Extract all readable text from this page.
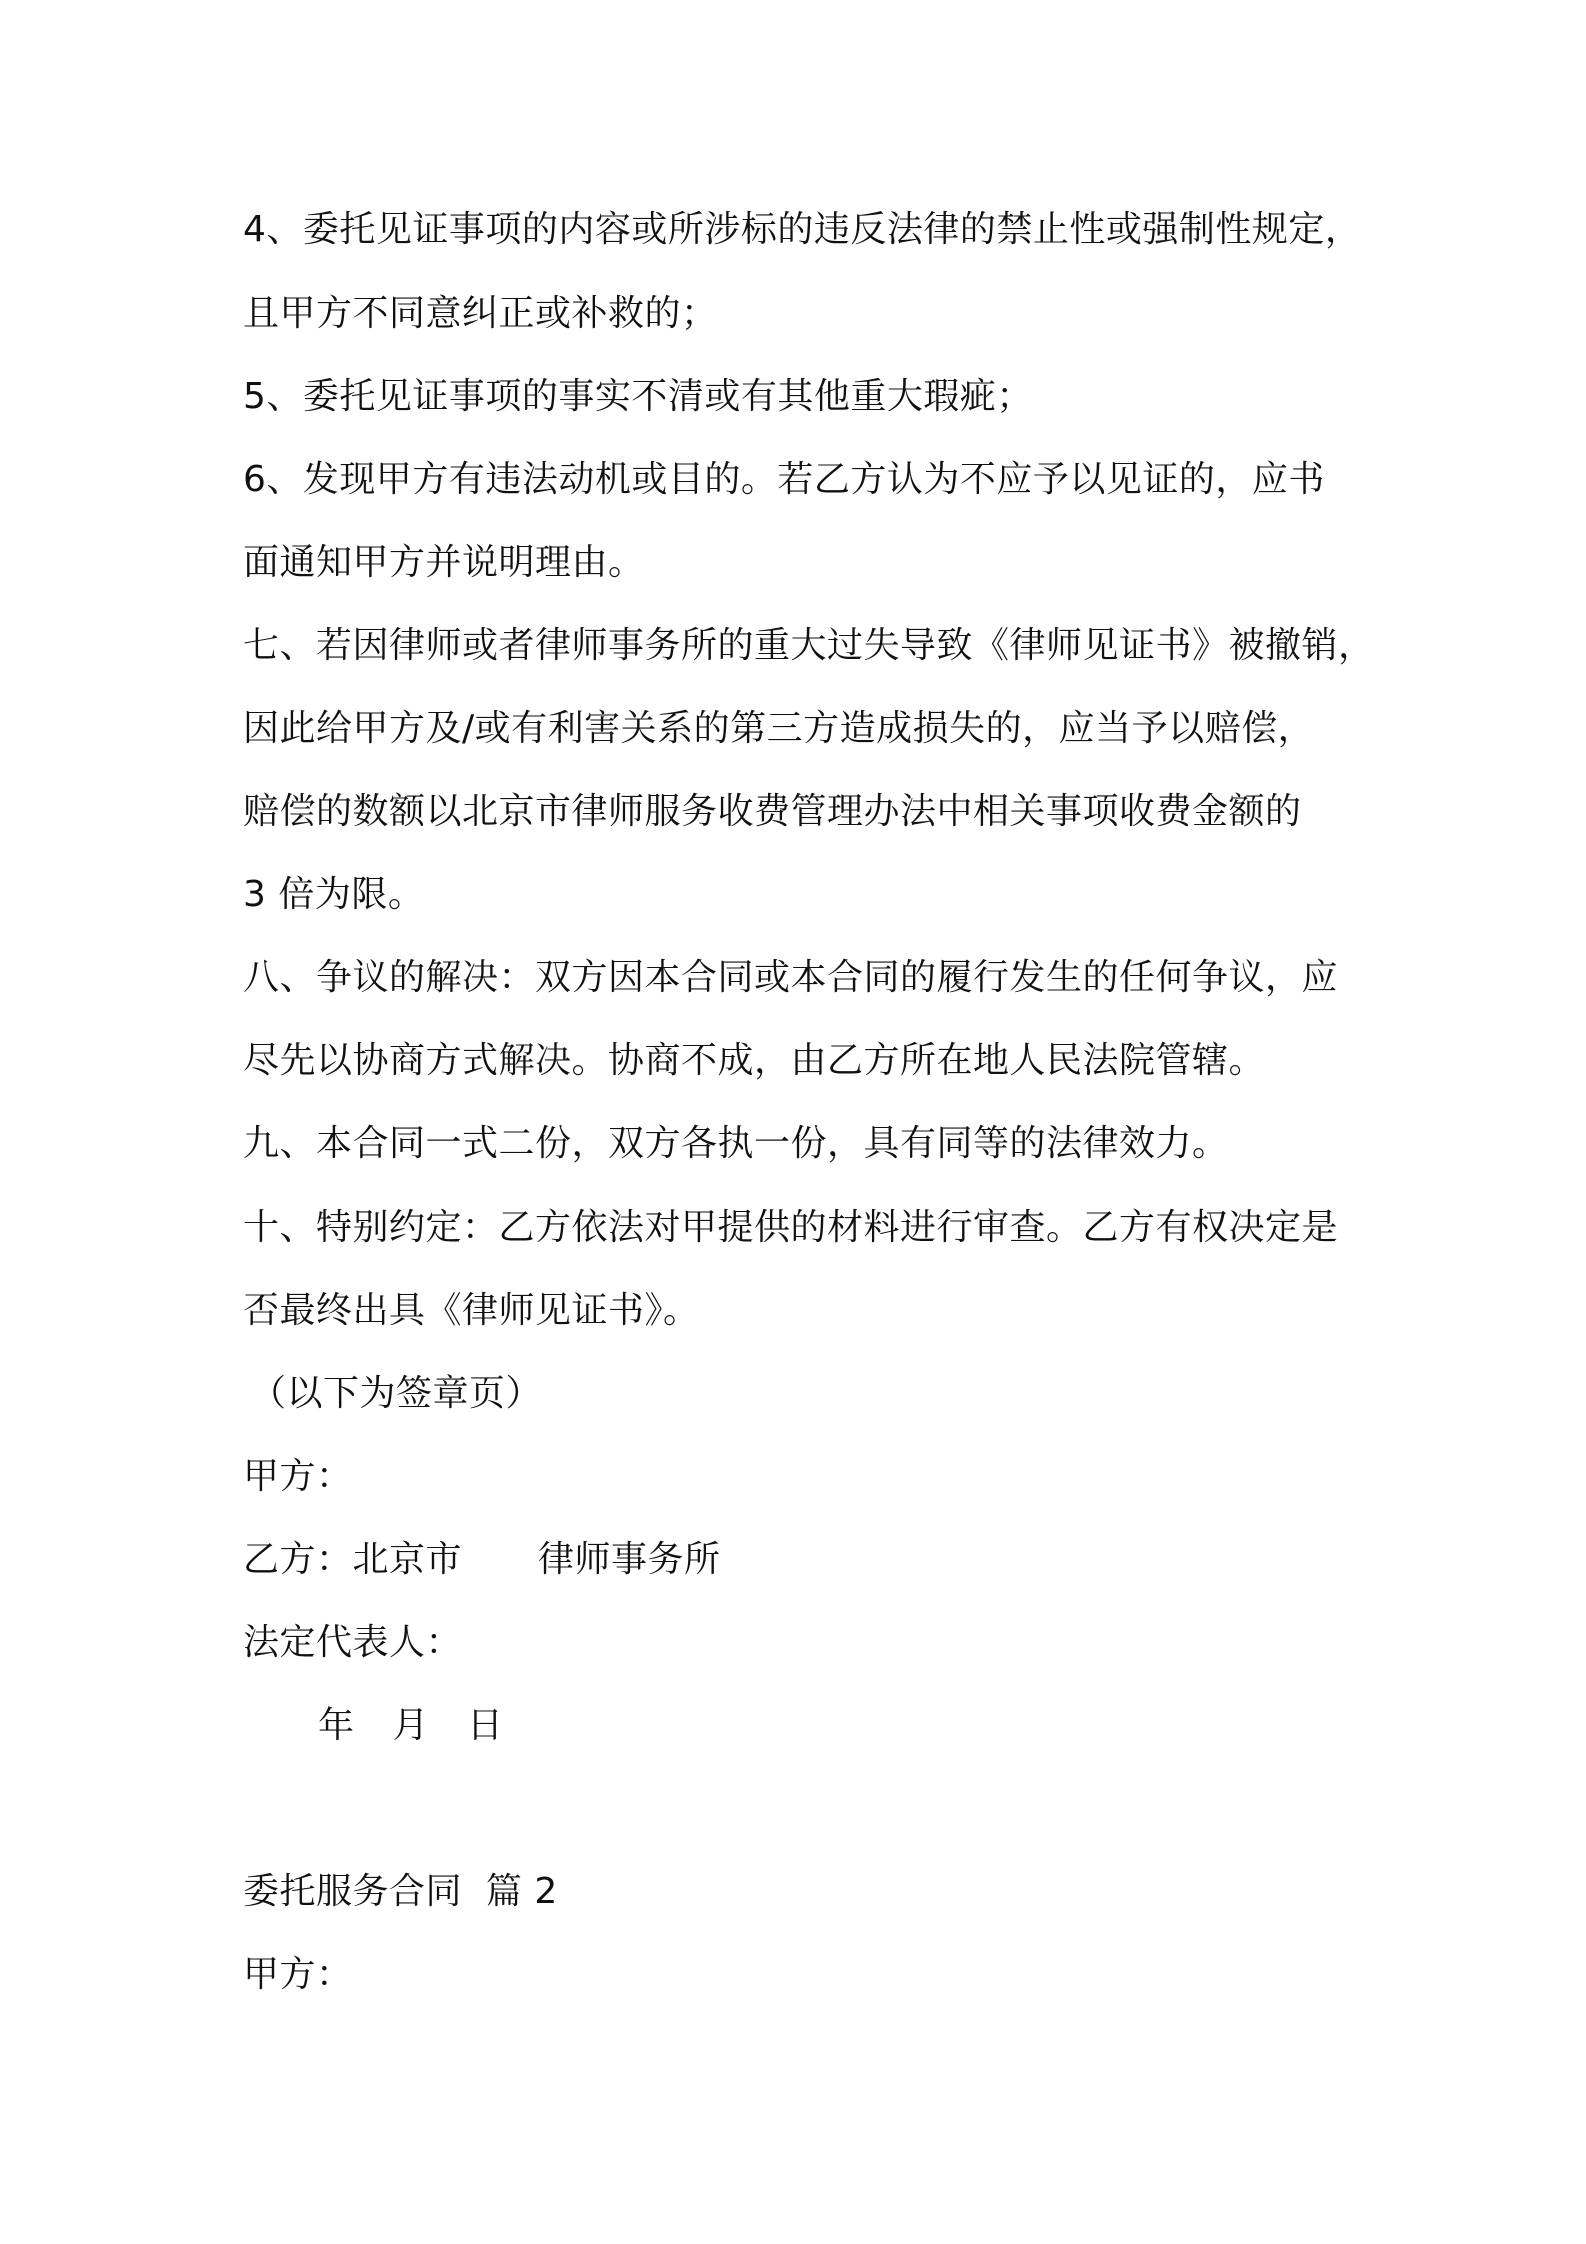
4、委托见证事项的内容或所涉标的违反法律的禁止性或强制性规定，

且甲方不同意纠正或补救的；

5、委托见证事项的事实不清或有其他重大瑕疵；

6、发现甲方有违法动机或目的。若乙方认为不应予以见证的，应书

面通知甲方并说明理由。

七、若因律师或者律师事务所的重大过失导致《律师见证书》被撤销，

因此给甲方及/或有利害关系的第三方造成损失的，应当予以赔偿，

赔偿的数额以北京市律师服务收费管理办法中相关事项收费金额的

3 倍为限。

八、争议的解决：双方因本合同或本合同的履行发生的任何争议，应

尽先以协商方式解决。协商不成，由乙方所在地人民法院管辖。

九、本合同一式二份，双方各执一份，具有同等的法律效力。

十、特别约定：乙方依法对甲提供的材料进行审查。乙方有权决定是

否最终出具《律师见证书》。

（以下为签章页）

甲方：

乙方：北京市 律师事务所

法定代表人：

年 月 日

委托服务合同  篇 2

甲方：
